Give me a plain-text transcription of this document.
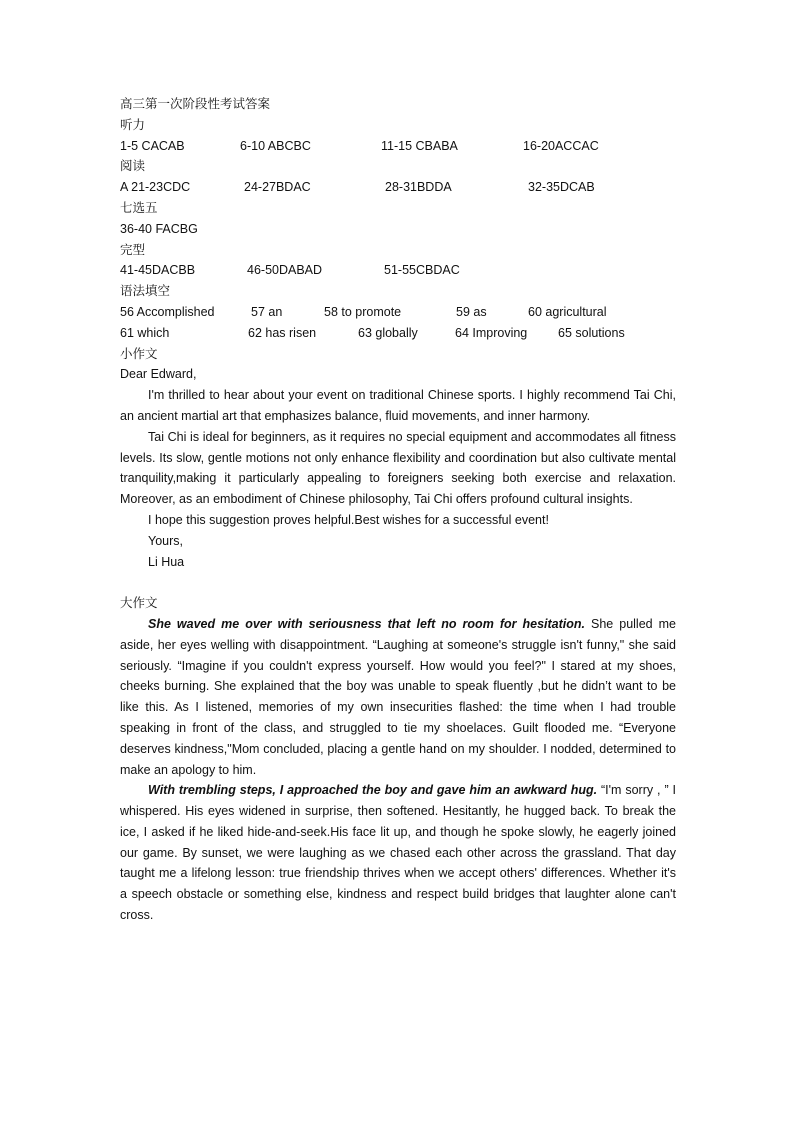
高三第一次阶段性考试答案
听力
1-5 CACAB	6-10 ABCBC	11-15 CBABA	16-20ACCAC
阅读
A 21-23CDC	24-27BDAC	28-31BDDA	32-35DCAB
七选五
36-40 FACBG
完型
41-45DACBB	46-50DABAD	51-55CBDAC
语法填空
56 Accomplished	57 an	58 to promote	59 as	60 agricultural
61 which	62 has risen	63 globally	64 Improving 65 solutions
小作文
Dear Edward,

I'm thrilled to hear about your event on traditional Chinese sports. I highly recommend Tai Chi, an ancient martial art that emphasizes balance, fluid movements, and inner harmony.

Tai Chi is ideal for beginners, as it requires no special equipment and accommodates all fitness levels. Its slow, gentle motions not only enhance flexibility and coordination but also cultivate mental tranquility,making it particularly appealing to foreigners seeking both exercise and relaxation. Moreover, as an embodiment of Chinese philosophy, Tai Chi offers profound cultural insights.

I hope this suggestion proves helpful.Best wishes for a successful event!

Yours,
Li Hua
大作文

She waved me over with seriousness that left no room for hesitation. She pulled me aside, her eyes welling with disappointment. “Laughing at someone's struggle isn't funny," she said seriously. “Imagine if you couldn't express yourself. How would you feel?" I stared at my shoes, cheeks burning. She explained that the boy was unable to speak fluently ,but he didn’t want to be like this. As I listened, memories of my own insecurities flashed: the time when I had trouble speaking in front of the class, and struggled to tie my shoelaces. Guilt flooded me. “Everyone deserves kindness,"Mom concluded, placing a gentle hand on my shoulder. I nodded, determined to make an apology to him.

With trembling steps, I approached the boy and gave him an awkward hug. “I'm sorry , ” I whispered. His eyes widened in surprise, then softened. Hesitantly, he hugged back. To break the ice, I asked if he liked hide-and-seek.His face lit up, and though he spoke slowly, he eagerly joined our game. By sunset, we were laughing as we chased each other across the grassland. That day taught me a lifelong lesson: true friendship thrives when we accept others' differences. Whether it's a speech obstacle or something else, kindness and respect build bridges that laughter alone can't cross.
